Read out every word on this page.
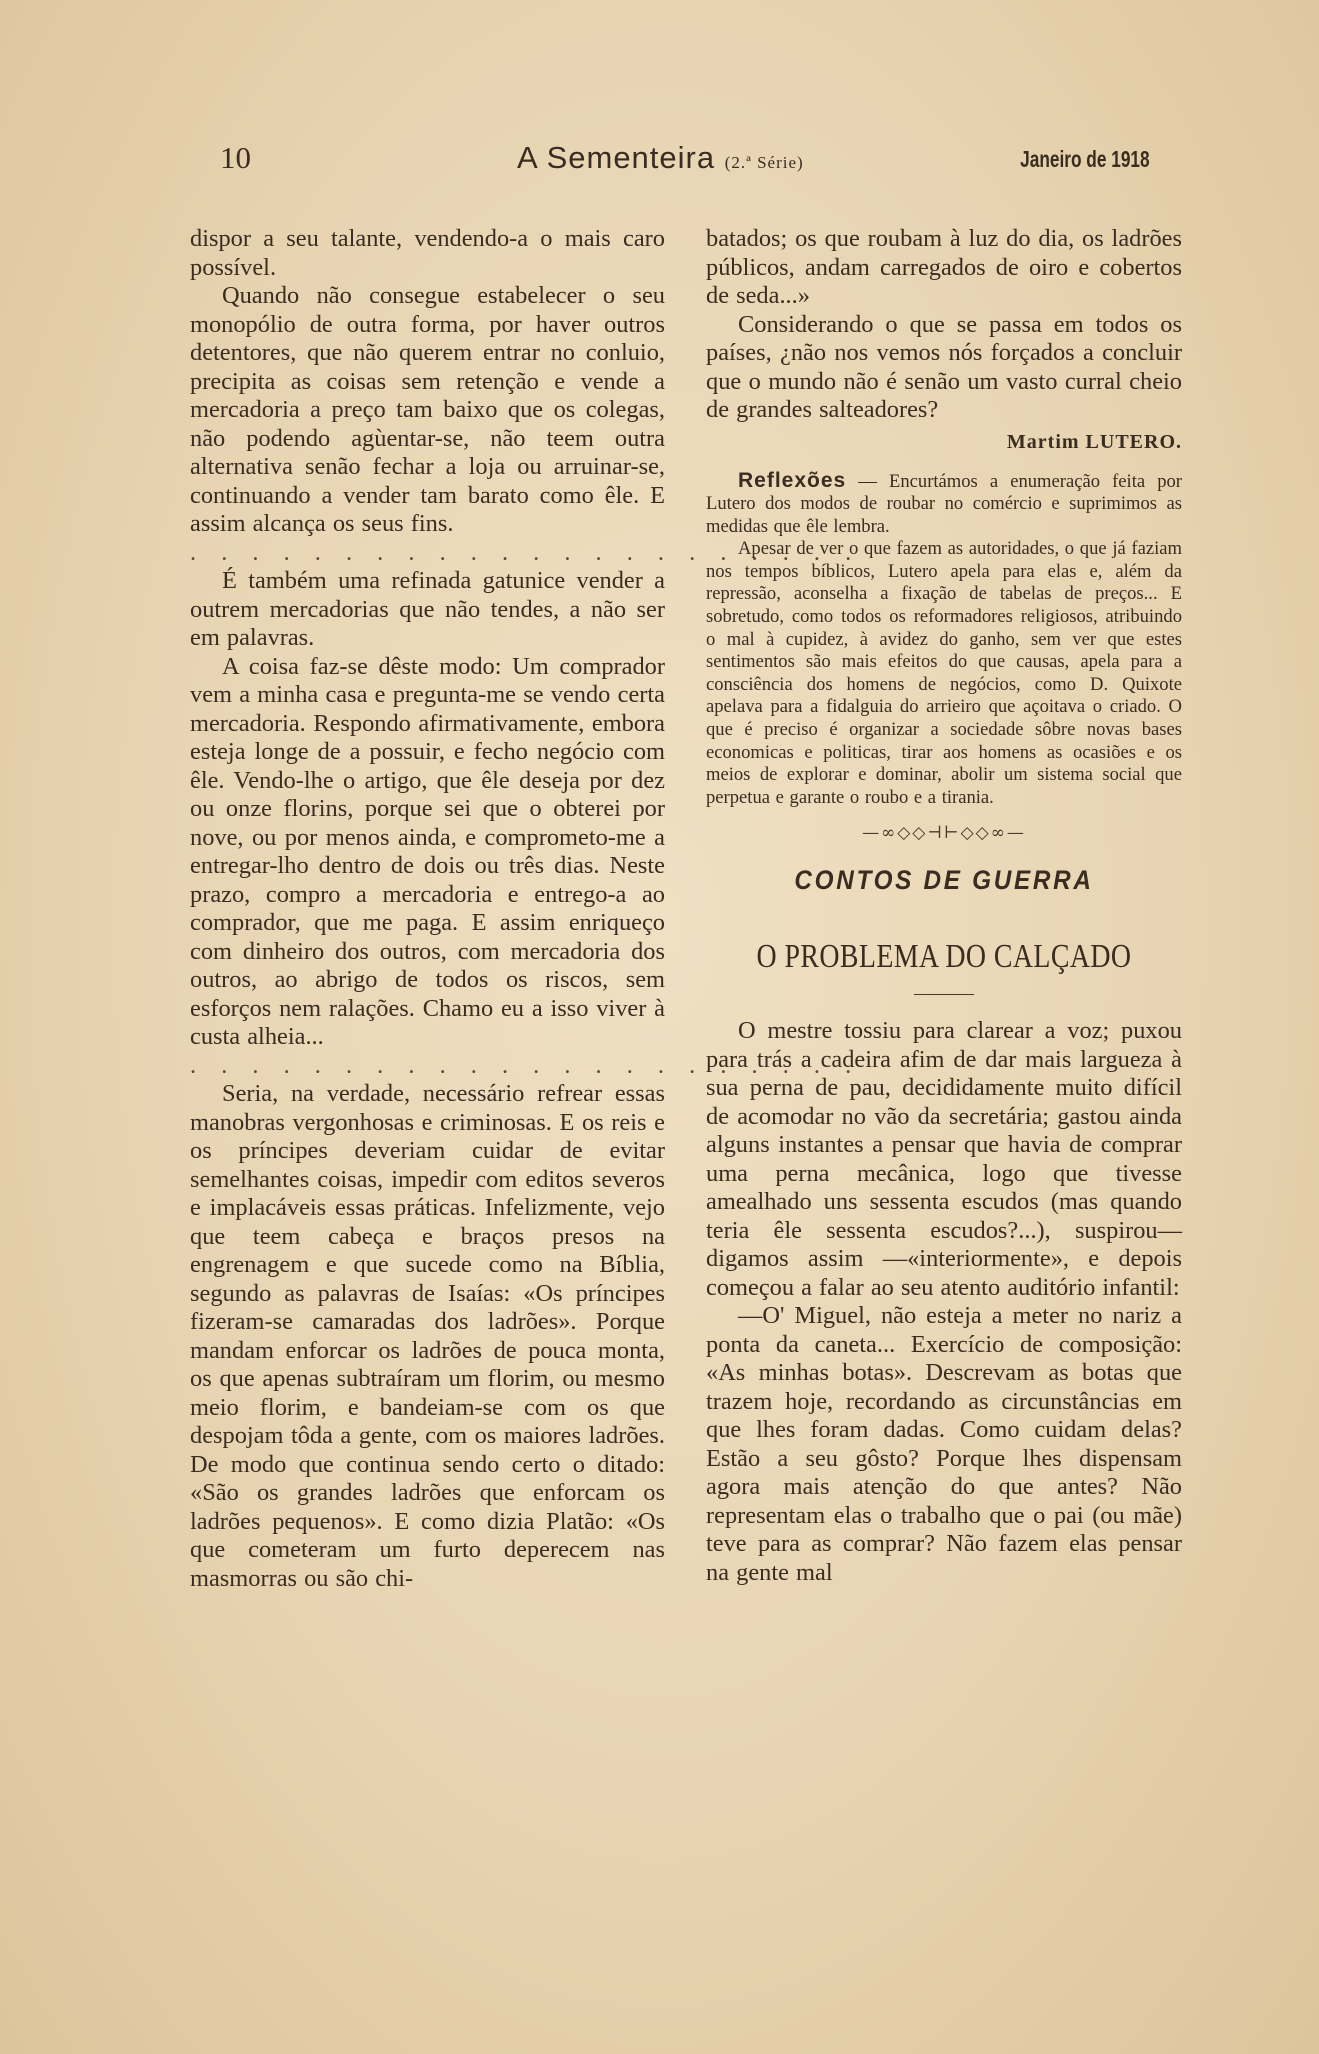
10	A Sementeira (2.ª Série)	Janeiro de 1918

dispor a seu talante, vendendo-a o mais caro possível.

Quando não consegue estabelecer o seu monopólio de outra forma, por haver outros detentores, que não querem entrar no conluio, precipita as coisas sem retenção e vende a mercadoria a preço tam baixo que os colegas, não podendo agùentar-se, não teem outra alternativa senão fechar a loja ou arruinar-se, continuando a vender tam barato como êle. E assim alcança os seus fins.

. . . . . . . . . . . . . . . . . . . . . .

É também uma refinada gatunice vender a outrem mercadorias que não tendes, a não ser em palavras.

A coisa faz-se dêste modo: Um comprador vem a minha casa e pregunta-me se vendo certa mercadoria. Respondo afirmativamente, embora esteja longe de a possuir, e fecho negócio com êle. Vendo-lhe o artigo, que êle deseja por dez ou onze florins, porque sei que o obterei por nove, ou por menos ainda, e comprometo-me a entregar-lho dentro de dois ou três dias. Neste prazo, compro a mercadoria e entrego-a ao comprador, que me paga. E assim enriqueço com dinheiro dos outros, com mercadoria dos outros, ao abrigo de todos os riscos, sem esforços nem ralações. Chamo eu a isso viver à custa alheia...

. . . . . . . . . . . . . . . . . . . . . .

Seria, na verdade, necessário refrear essas manobras vergonhosas e criminosas. E os reis e os príncipes deveriam cuidar de evitar semelhantes coisas, impedir com editos severos e implacáveis essas práticas. Infelizmente, vejo que teem cabeça e braços presos na engrenagem e que sucede como na Bíblia, segundo as palavras de Isaías: «Os príncipes fizeram-se camaradas dos ladrões». Porque mandam enforcar os ladrões de pouca monta, os que apenas subtraíram um florim, ou mesmo meio florim, e bandeiam-se com os que despojam tôda a gente, com os maiores ladrões. De modo que continua sendo certo o ditado: «São os grandes ladrões que enforcam os ladrões pequenos». E como dizia Platão: «Os que cometeram um furto deperecem nas masmorras ou são chi-

batados; os que roubam à luz do dia, os ladrões públicos, andam carregados de oiro e cobertos de seda...»

Considerando o que se passa em todos os países, ¿não nos vemos nós forçados a concluir que o mundo não é senão um vasto curral cheio de grandes salteadores?

Martim LUTERO.

Reflexões — Encurtámos a enumeração feita por Lutero dos modos de roubar no comércio e suprimimos as medidas que êle lembra.

Apesar de ver o que fazem as autoridades, o que já faziam nos tempos bíblicos, Lutero apela para elas e, além da repressão, aconselha a fixação de tabelas de preços... E sobretudo, como todos os reformadores religiosos, atribuindo o mal à cupidez, à avidez do ganho, sem ver que estes sentimentos são mais efeitos do que causas, apela para a consciência dos homens de negócios, como D. Quixote apelava para a fidalguia do arrieiro que açoitava o criado. O que é preciso é organizar a sociedade sôbre novas bases economicas e politicas, tirar aos homens as ocasiões e os meios de explorar e dominar, abolir um sistema social que perpetua e garante o roubo e a tirania.

—∞◇◇⊣⊢◇◇∞—
CONTOS DE GUERRA
O PROBLEMA DO CALÇADO

O mestre tossiu para clarear a voz; puxou para trás a cadeira afim de dar mais largueza à sua perna de pau, decididamente muito difícil de acomodar no vão da secretária; gastou ainda alguns instantes a pensar que havia de comprar uma perna mecânica, logo que tivesse amealhado uns sessenta escudos (mas quando teria êle sessenta escudos?...), suspirou—digamos assim —«interiormente», e depois começou a falar ao seu atento auditório infantil:

—O' Miguel, não esteja a meter no nariz a ponta da caneta... Exercício de composição: «As minhas botas». Descrevam as botas que trazem hoje, recordando as circunstâncias em que lhes foram dadas. Como cuidam delas? Estão a seu gôsto? Porque lhes dispensam agora mais atenção do que antes? Não representam elas o trabalho que o pai (ou mãe) teve para as comprar? Não fazem elas pensar na gente mal
